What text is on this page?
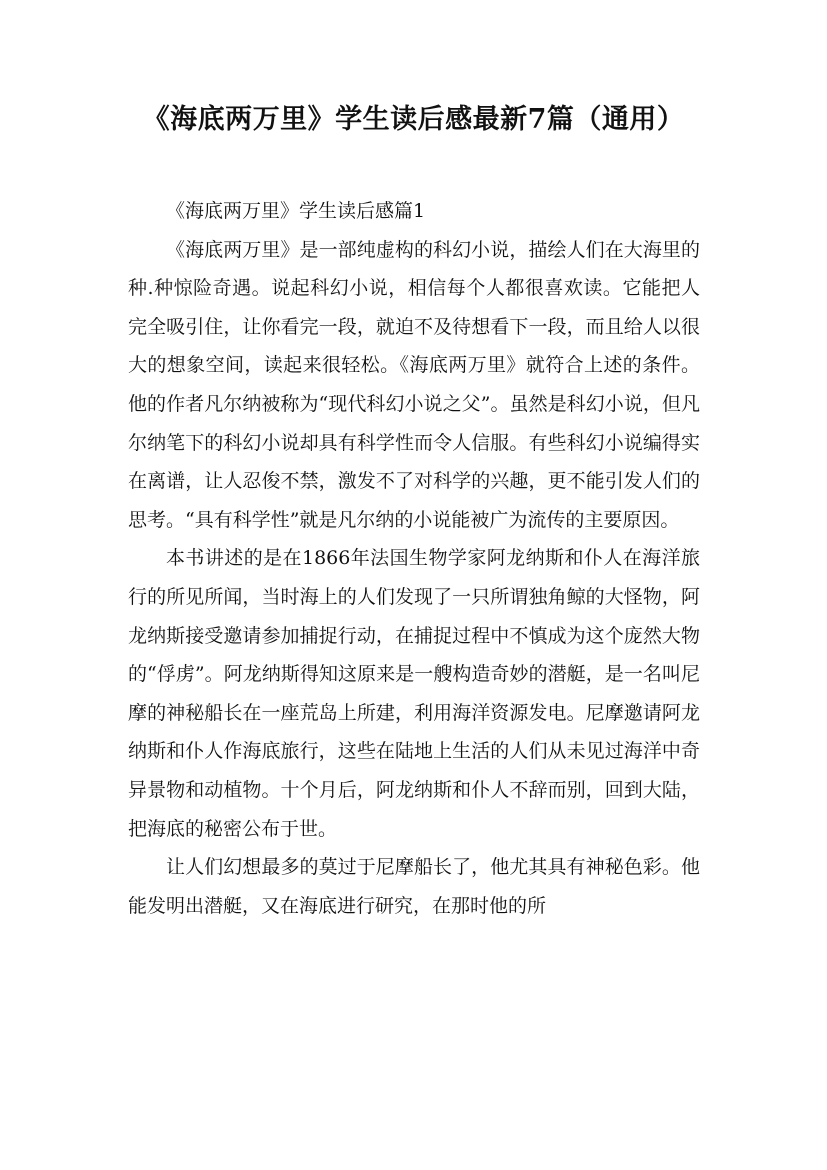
《海底两万里》学生读后感最新7篇（通用）

《海底两万里》学生读后感篇1

《海底两万里》是一部纯虚构的科幻小说，描绘人们在大海里的种.种惊险奇遇。说起科幻小说，相信每个人都很喜欢读。它能把人完全吸引住，让你看完一段，就迫不及待想看下一段，而且给人以很大的想象空间，读起来很轻松。《海底两万里》就符合上述的条件。他的作者凡尔纳被称为“现代科幻小说之父”。虽然是科幻小说，但凡尔纳笔下的科幻小说却具有科学性而令人信服。有些科幻小说编得实在离谱，让人忍俊不禁，激发不了对科学的兴趣，更不能引发人们的思考。“具有科学性”就是凡尔纳的小说能被广为流传的主要原因。

本书讲述的是在1866年法国生物学家阿龙纳斯和仆人在海洋旅行的所见所闻，当时海上的人们发现了一只所谓独角鲸的大怪物，阿龙纳斯接受邀请参加捕捉行动，在捕捉过程中不慎成为这个庞然大物的“俘虏”。阿龙纳斯得知这原来是一艘构造奇妙的潜艇，是一名叫尼摩的神秘船长在一座荒岛上所建，利用海洋资源发电。尼摩邀请阿龙纳斯和仆人作海底旅行，这些在陆地上生活的人们从未见过海洋中奇异景物和动植物。十个月后，阿龙纳斯和仆人不辞而别，回到大陆，把海底的秘密公布于世。

让人们幻想最多的莫过于尼摩船长了，他尤其具有神秘色彩。他能发明出潜艇，又在海底进行研究，在那时他的所
